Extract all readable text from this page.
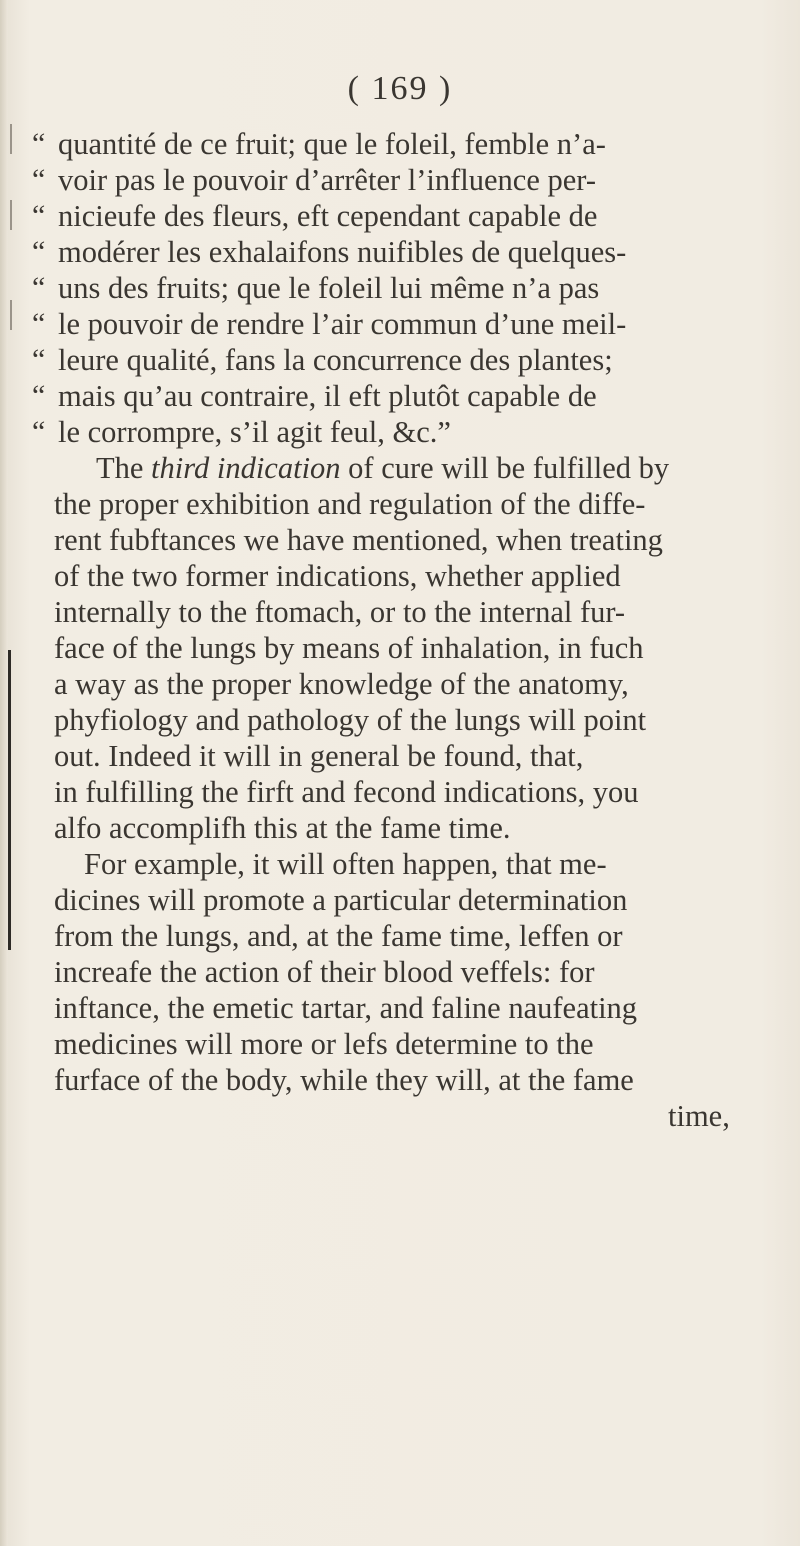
( 169 )
“ quantité de ce fruit; que le foleil, femble n’a-
“ voir pas le pouvoir d’arrêter l’influence per-
“ nicieufe des fleurs, eft cependant capable de
“ modérer les exhalaifons nuifibles de quelques-
“ uns des fruits; que le foleil lui même n’a pas
“ le pouvoir de rendre l’air commun d’une meil-
“ leure qualité, fans la concurrence des plantes;
“ mais qu’au contraire, il eft plutôt capable de
“ le corrompre, s’il agit feul, &c.”
The third indication of cure will be fulfilled by
the proper exhibition and regulation of the diffe-
rent fubftances we have mentioned, when treating
of the two former indications, whether applied
internally to the ftomach, or to the internal fur-
face of the lungs by means of inhalation, in fuch
a way as the proper knowledge of the anatomy,
phyfiology and pathology of the lungs will point
out. Indeed it will in general be found, that,
in fulfilling the firft and fecond indications, you
alfo accomplifh this at the fame time.
For example, it will often happen, that me-
dicines will promote a particular determination
from the lungs, and, at the fame time, leffen or
increafe the action of their blood veffels: for
inftance, the emetic tartar, and faline naufeating
medicines will more or lefs determine to the
furface of the body, while they will, at the fame
time,
